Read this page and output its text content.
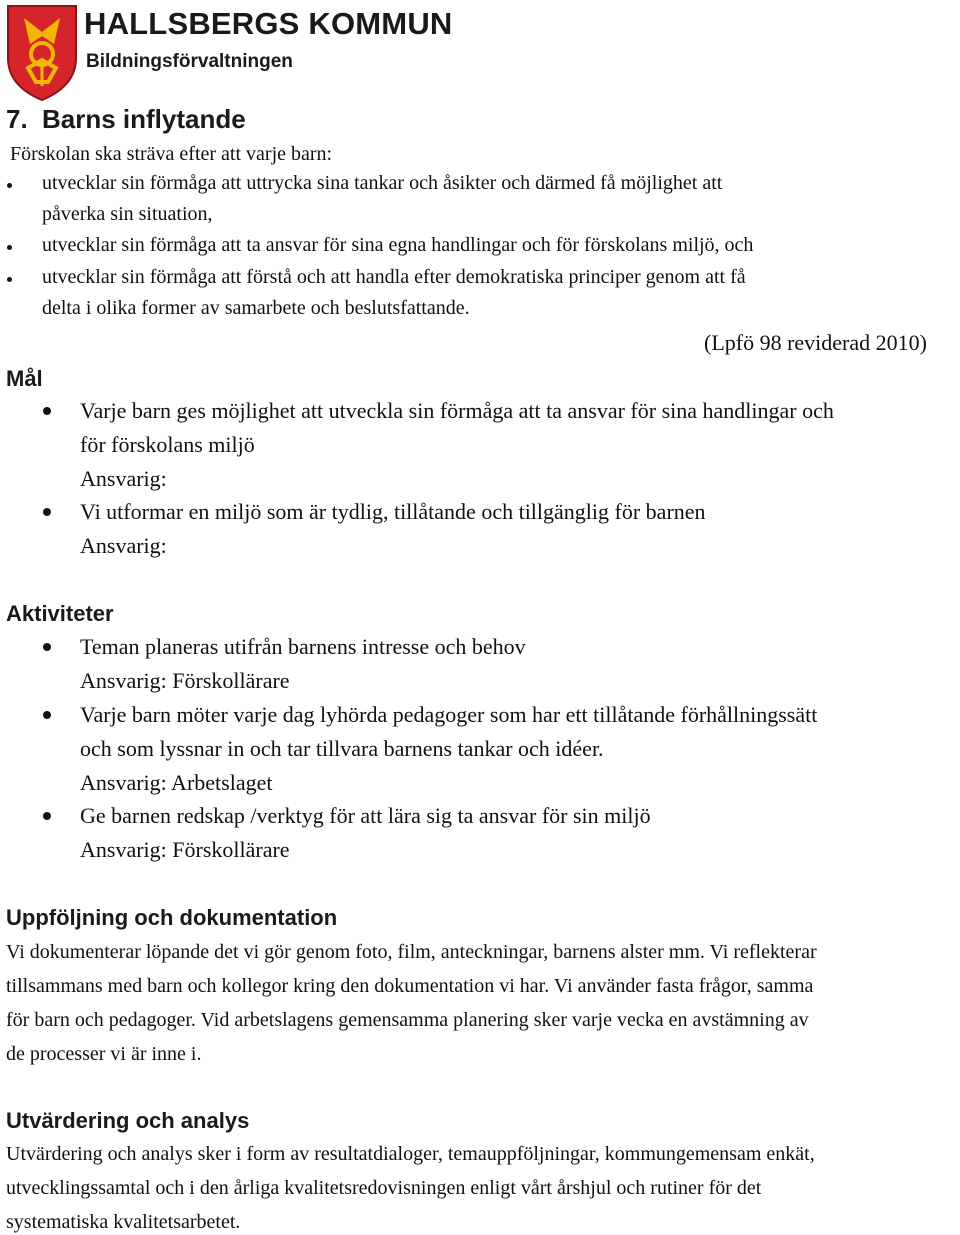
HALLSBERGS KOMMUN
Bildningsförvaltningen
7. Barns inflytande
Förskolan ska sträva efter att varje barn:
utvecklar sin förmåga att uttrycka sina tankar och åsikter och därmed få möjlighet att
påverka sin situation,
utvecklar sin förmåga att ta ansvar för sina egna handlingar och för förskolans miljö, och
utvecklar sin förmåga att förstå och att handla efter demokratiska principer genom att få
delta i olika former av samarbete och beslutsfattande.
(Lpfö 98 reviderad 2010)
Mål
Varje barn ges möjlighet att utveckla sin förmåga att ta ansvar för sina handlingar och
för förskolans miljö
Ansvarig:
Vi utformar en miljö som är tydlig, tillåtande och tillgänglig för barnen
Ansvarig:
Aktiviteter
Teman planeras utifrån barnens intresse och behov
Ansvarig: Förskollärare
Varje barn möter varje dag lyhörda pedagoger som har ett tillåtande förhållningssätt
och som lyssnar in och tar tillvara barnens tankar och idéer.
Ansvarig: Arbetslaget
Ge barnen redskap /verktyg för att lära sig ta ansvar för sin miljö
Ansvarig: Förskollärare
Uppföljning och dokumentation
Vi dokumenterar löpande det vi gör genom foto, film, anteckningar, barnens alster mm. Vi reflekterar
tillsammans med barn och kollegor kring den dokumentation vi har. Vi använder fasta frågor, samma
för barn och pedagoger. Vid arbetslagens gemensamma planering sker varje vecka en avstämning av
de processer vi är inne i.
Utvärdering och analys
Utvärdering och analys sker i form av resultatdialoger, temauppföljningar, kommungemensam enkät,
utvecklingssamtal och i den årliga kvalitetsredovisningen enligt vårt årshjul och rutiner för det
systematiska kvalitetsarbetet.
